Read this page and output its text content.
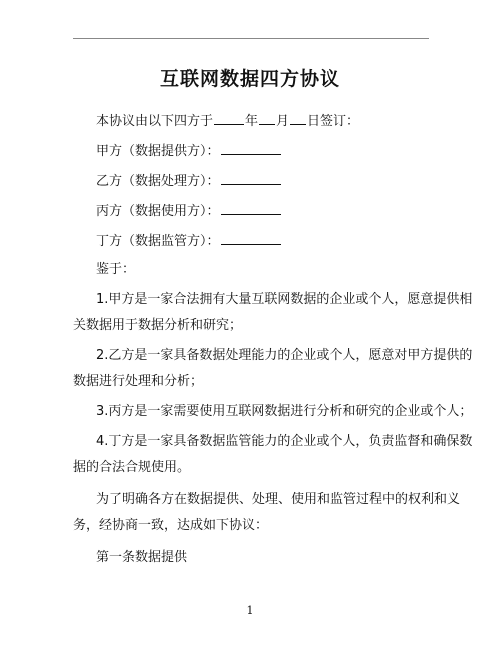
互联网数据四方协议
本协议由以下四方于 年 月 日签订：
甲方（数据提供方）：
乙方（数据处理方）：
丙方（数据使用方）：
丁方（数据监管方）：
鉴于：
1.甲方是一家合法拥有大量互联网数据的企业或个人，愿意提供相
关数据用于数据分析和研究；
2.乙方是一家具备数据处理能力的企业或个人，愿意对甲方提供的
数据进行处理和分析；
3.丙方是一家需要使用互联网数据进行分析和研究的企业或个人；
4.丁方是一家具备数据监管能力的企业或个人，负责监督和确保数
据的合法合规使用。
为了明确各方在数据提供、处理、使用和监管过程中的权利和义
务，经协商一致，达成如下协议：
第一条数据提供
1
